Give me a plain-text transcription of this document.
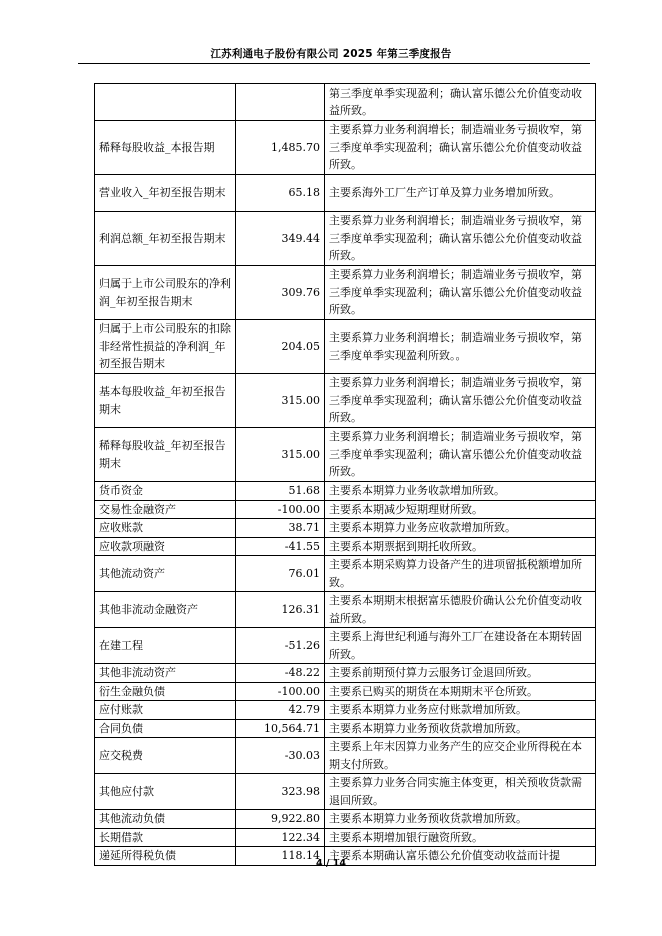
江苏利通电子股份有限公司 2025 年第三季度报告
		第三季度单季实现盈利；确认富乐德公允价值变动收益所致。
稀释每股收益_本报告期	1,485.70	主要系算力业务利润增长；制造端业务亏损收窄，第三季度单季实现盈利；确认富乐德公允价值变动收益所致。
营业收入_年初至报告期末	65.18	主要系海外工厂生产订单及算力业务增加所致。
利润总额_年初至报告期末	349.44	主要系算力业务利润增长；制造端业务亏损收窄，第三季度单季实现盈利；确认富乐德公允价值变动收益所致。
归属于上市公司股东的净利润_年初至报告期末	309.76	主要系算力业务利润增长；制造端业务亏损收窄，第三季度单季实现盈利；确认富乐德公允价值变动收益所致。
归属于上市公司股东的扣除非经常性损益的净利润_年初至报告期末	204.05	主要系算力业务利润增长；制造端业务亏损收窄，第三季度单季实现盈利所致。。
基本每股收益_年初至报告期末	315.00	主要系算力业务利润增长；制造端业务亏损收窄，第三季度单季实现盈利；确认富乐德公允价值变动收益所致。
稀释每股收益_年初至报告期末	315.00	主要系算力业务利润增长；制造端业务亏损收窄，第三季度单季实现盈利；确认富乐德公允价值变动收益所致。
货币资金	51.68	主要系本期算力业务收款增加所致。
交易性金融资产	-100.00	主要系本期减少短期理财所致。
应收账款	38.71	主要系本期算力业务应收款增加所致。
应收款项融资	-41.55	主要系本期票据到期托收所致。
其他流动资产	76.01	主要系本期采购算力设备产生的进项留抵税额增加所致。
其他非流动金融资产	126.31	主要系本期期末根据富乐德股价确认公允价值变动收益所致。
在建工程	-51.26	主要系上海世纪利通与海外工厂在建设备在本期转固所致。
其他非流动资产	-48.22	主要系前期预付算力云服务订金退回所致。
衍生金融负债	-100.00	主要系已购买的期货在本期期末平仓所致。
应付账款	42.79	主要系本期算力业务应付账款增加所致。
合同负债	10,564.71	主要系本期算力业务预收货款增加所致。
应交税费	-30.03	主要系上年末因算力业务产生的应交企业所得税在本期支付所致。
其他应付款	323.98	主要系算力业务合同实施主体变更，相关预收货款需退回所致。
其他流动负债	9,922.80	主要系本期算力业务预收货款增加所致。
长期借款	122.34	主要系本期增加银行融资所致。
递延所得税负债	118.14	主要系本期确认富乐德公允价值变动收益而计提
4 / 14
